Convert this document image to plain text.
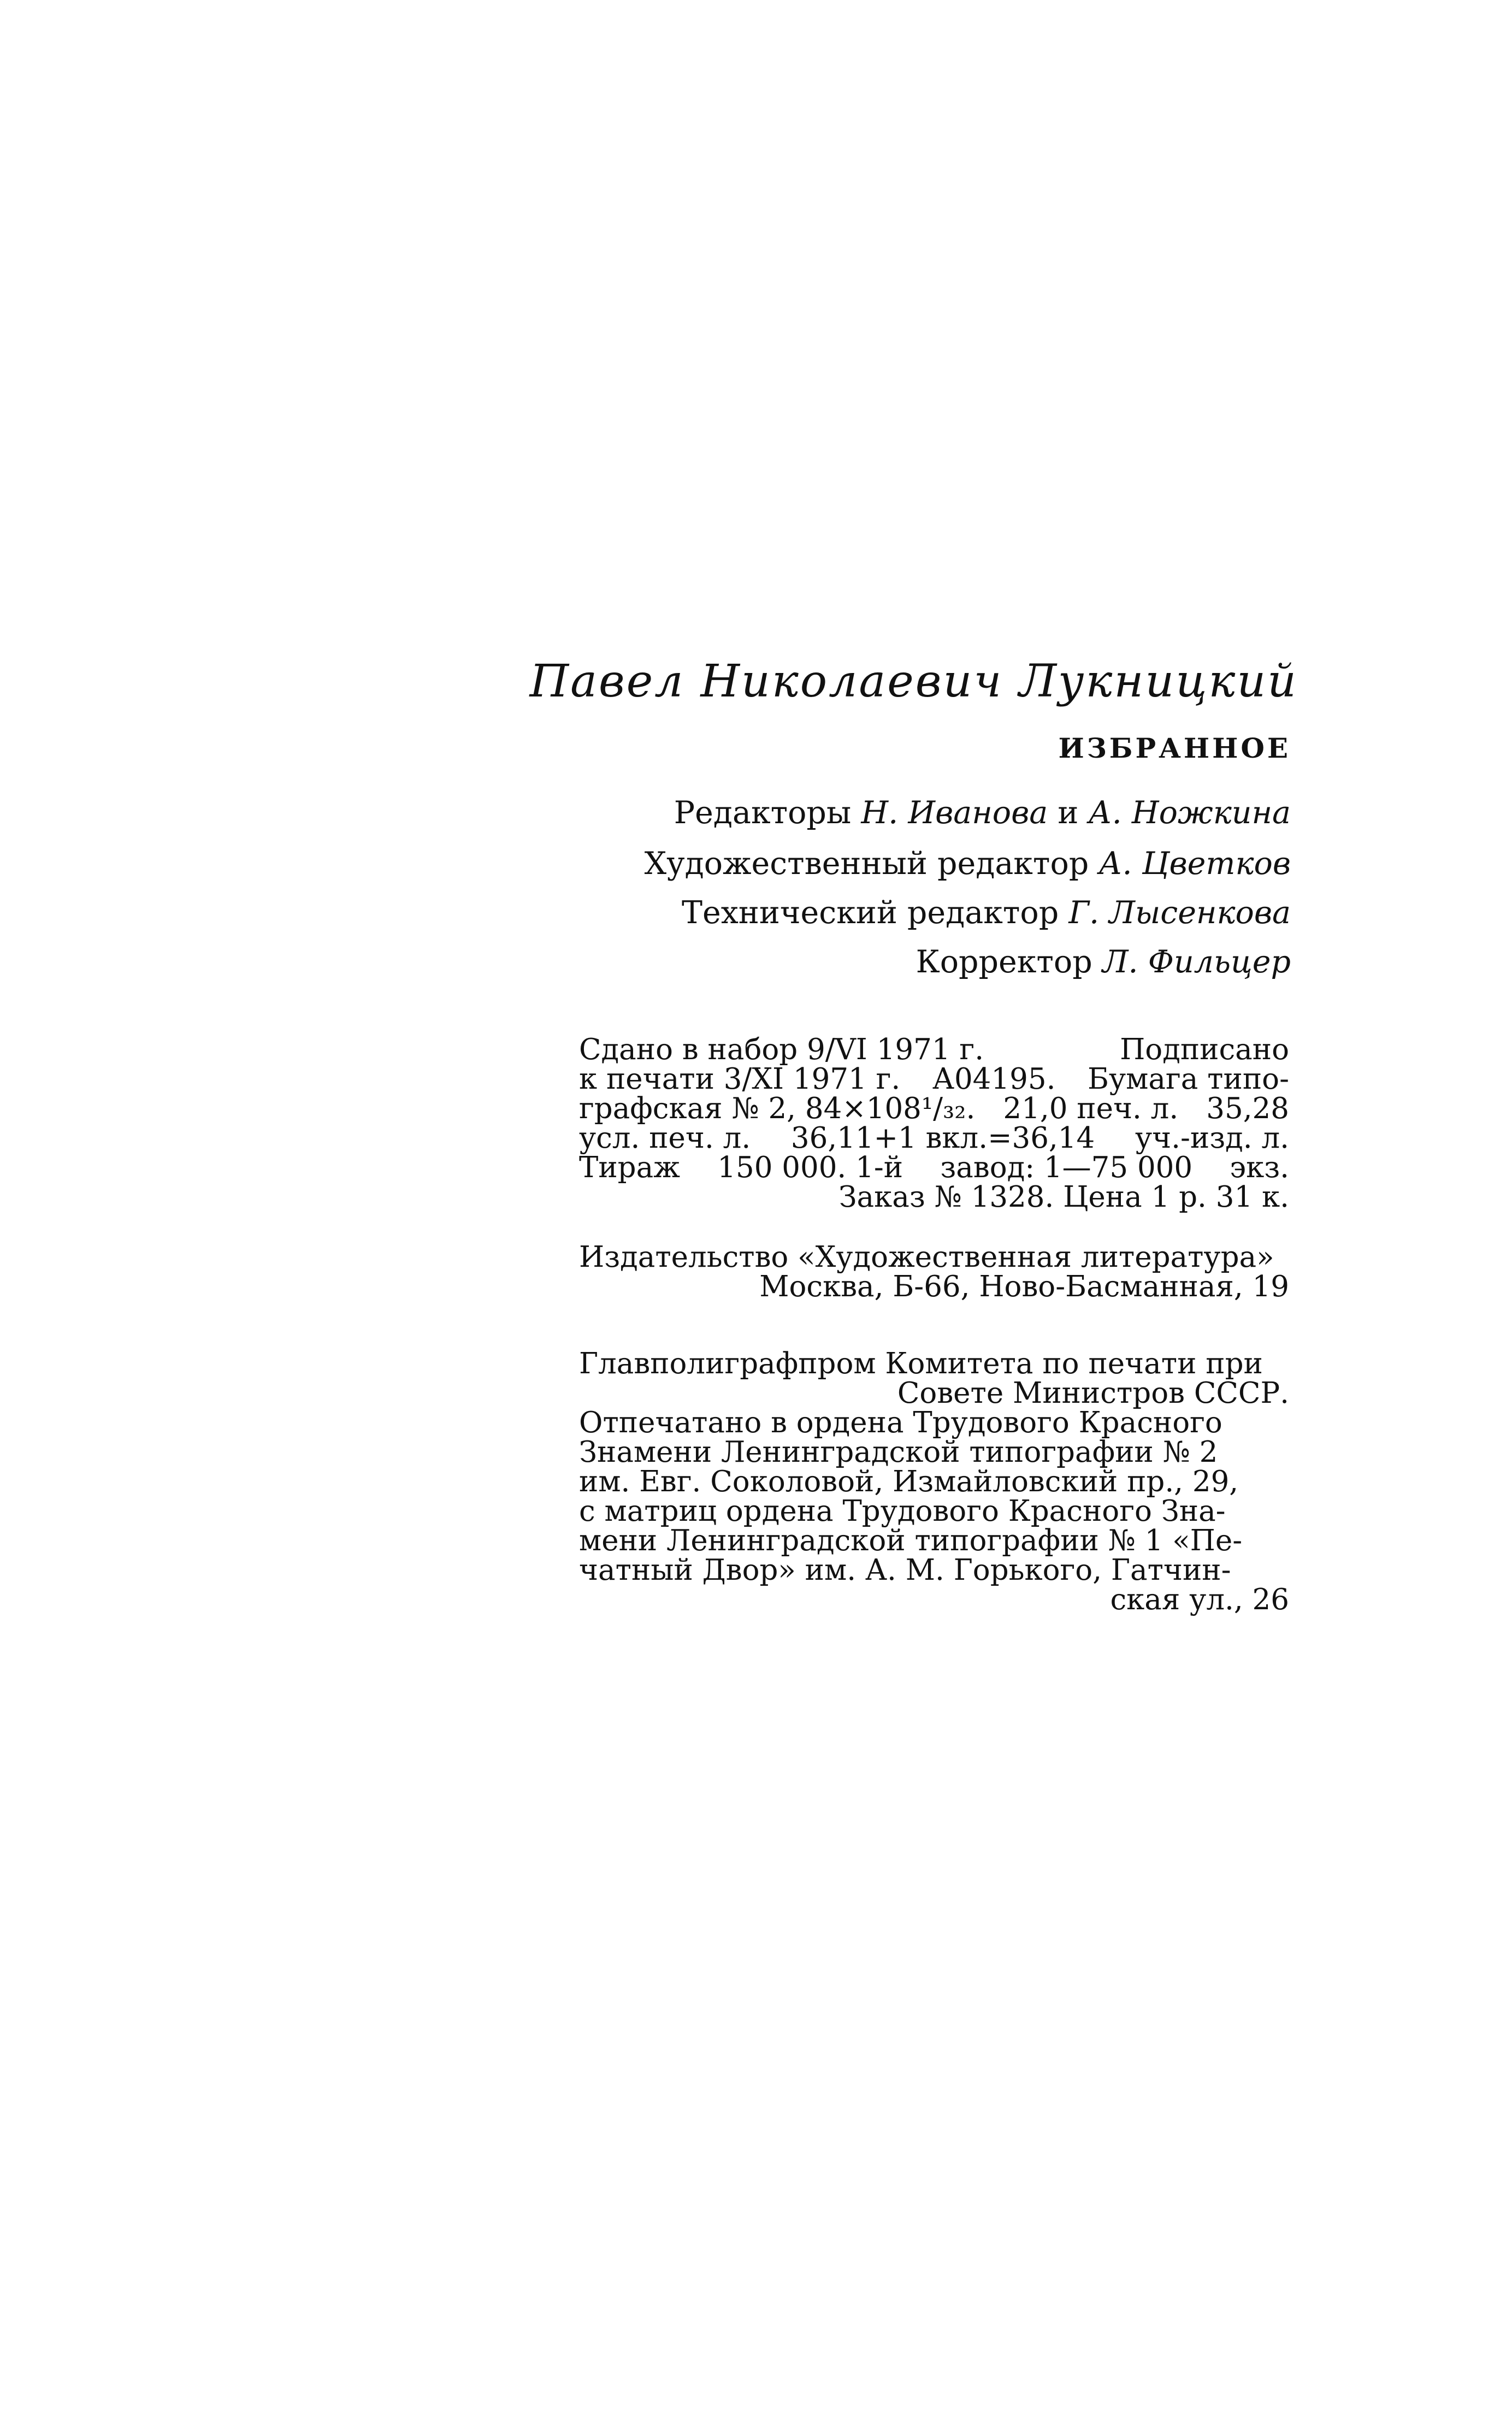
Павел Николаевич Лукницкий
ИЗБРАННОЕ
Редакторы Н. Иванова и А. Ножкина
Художественный редактор А. Цветков
Технический редактор Г. Лысенкова
Корректор Л. Фильцер
Сдано в набор 9/VI 1971 г.	Подписано
к печати 3/XI 1971 г. А04195. Бумага типо-
графская № 2, 84×108¹/₃₂. 21,0 печ. л. 35,28
усл. печ. л. 36,11+1 вкл.=36,14 уч.-изд. л.
Тираж 150 000. 1-й завод: 1—75 000 экз.
Заказ № 1328. Цена 1 р. 31 к.
Издательство «Художественная литература»
Москва, Б-66, Ново-Басманная, 19
Главполиграфпром Комитета по печати при
Совете Министров СССР.
Отпечатано в ордена Трудового Красного
Знамени Ленинградской типографии № 2
им. Евг. Соколовой, Измайловский пр., 29,
с матриц ордена Трудового Красного Зна-
мени Ленинградской типографии № 1 «Пе-
чатный Двор» им. А. М. Горького, Гатчин-
ская ул., 26
